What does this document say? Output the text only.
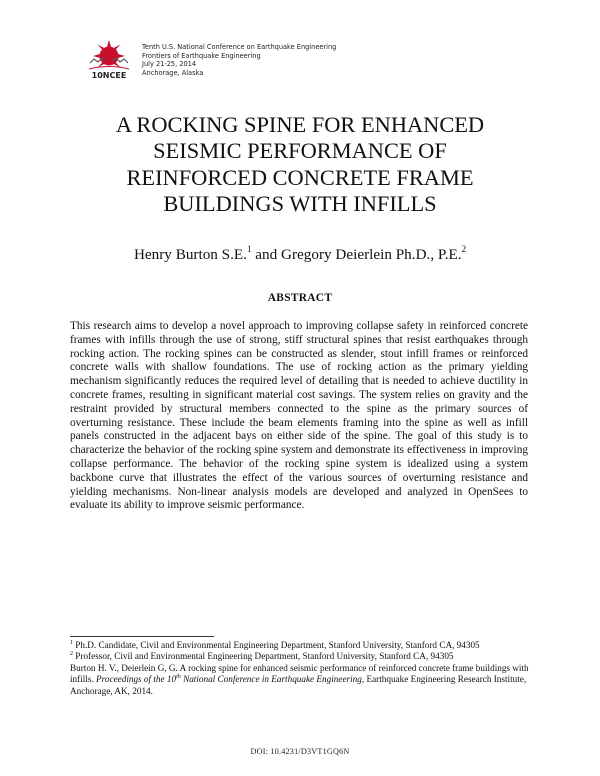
10NCEE
Tenth U.S. National Conference on Earthquake Engineering
Frontiers of Earthquake Engineering
July 21-25, 2014
Anchorage, Alaska
A ROCKING SPINE FOR ENHANCED
SEISMIC PERFORMANCE OF
REINFORCED CONCRETE FRAME
BUILDINGS WITH INFILLS
Henry Burton S.E.$^1$ and Gregory Deierlein Ph.D., P.E.$^2$
ABSTRACT

This research aims to develop a novel approach to improving collapse safety in reinforced concrete frames with infills through the use of strong, stiff structural spines that resist earthquakes through rocking action. The rocking spines can be constructed as slender, stout infill frames or reinforced concrete walls with shallow foundations. The use of rocking action as the primary yielding mechanism significantly reduces the required level of detailing that is needed to achieve ductility in concrete frames, resulting in significant material cost savings. The system relies on gravity and the restraint provided by structural members connected to the spine as the primary sources of overturning resistance. These include the beam elements framing into the spine as well as infill panels constructed in the adjacent bays on either side of the spine. The goal of this study is to characterize the behavior of the rocking spine system and demonstrate its effectiveness in improving collapse performance. The behavior of the rocking spine system is idealized using a system backbone curve that illustrates the effect of the various sources of overturning resistance and yielding mechanisms. Non-linear analysis models are developed and analyzed in OpenSees to evaluate its ability to improve seismic performance.

$^1$ Ph.D. Candidate, Civil and Environmental Engineering Department, Stanford University, Stanford CA, 94305
$^2$ Professor, Civil and Environmental Engineering Department, Stanford University, Stanford CA, 94305

Burton H. V., Deierlein G, G. A rocking spine for enhanced seismic performance of reinforced concrete frame buildings with infills. Proceedings of the 10th National Conference in Earthquake Engineering, Earthquake Engineering Research Institute, Anchorage, AK, 2014.

DOI: 10.4231/D3VT1GQ6N
